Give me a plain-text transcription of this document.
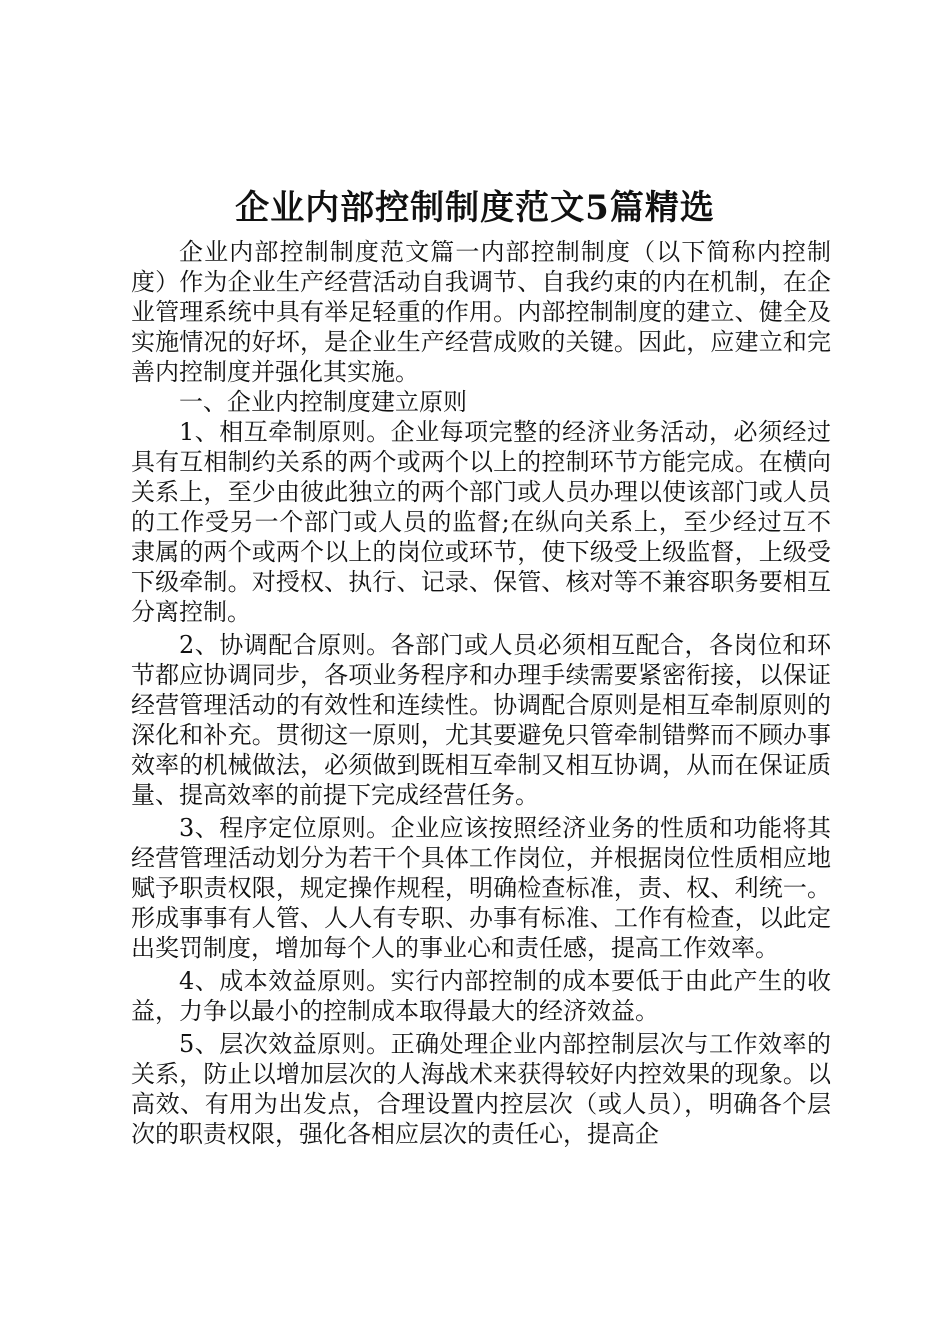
企业内部控制制度范文5篇精选

企业内部控制制度范文篇一内部控制制度（以下简称内控制度）作为企业生产经营活动自我调节、自我约束的内在机制，在企业管理系统中具有举足轻重的作用。内部控制制度的建立、健全及实施情况的好坏，是企业生产经营成败的关键。因此，应建立和完善内控制度并强化其实施。

一、企业内控制度建立原则

1、相互牵制原则。企业每项完整的经济业务活动，必须经过具有互相制约关系的两个或两个以上的控制环节方能完成。在横向关系上，至少由彼此独立的两个部门或人员办理以使该部门或人员的工作受另一个部门或人员的监督;在纵向关系上，至少经过互不隶属的两个或两个以上的岗位或环节，使下级受上级监督，上级受下级牵制。对授权、执行、记录、保管、核对等不兼容职务要相互分离控制。

2、协调配合原则。各部门或人员必须相互配合，各岗位和环节都应协调同步，各项业务程序和办理手续需要紧密衔接，以保证经营管理活动的有效性和连续性。协调配合原则是相互牵制原则的深化和补充。贯彻这一原则，尤其要避免只管牵制错弊而不顾办事效率的机械做法，必须做到既相互牵制又相互协调，从而在保证质量、提高效率的前提下完成经营任务。

3、程序定位原则。企业应该按照经济业务的性质和功能将其经营管理活动划分为若干个具体工作岗位，并根据岗位性质相应地赋予职责权限，规定操作规程，明确检查标准，责、权、利统一。形成事事有人管、人人有专职、办事有标准、工作有检查，以此定出奖罚制度，增加每个人的事业心和责任感，提高工作效率。

4、成本效益原则。实行内部控制的成本要低于由此产生的收益，力争以最小的控制成本取得最大的经济效益。

5、层次效益原则。正确处理企业内部控制层次与工作效率的关系，防止以增加层次的人海战术来获得较好内控效果的现象。以高效、有用为出发点，合理设置内控层次（或人员），明确各个层次的职责权限，强化各相应层次的责任心，提高企
